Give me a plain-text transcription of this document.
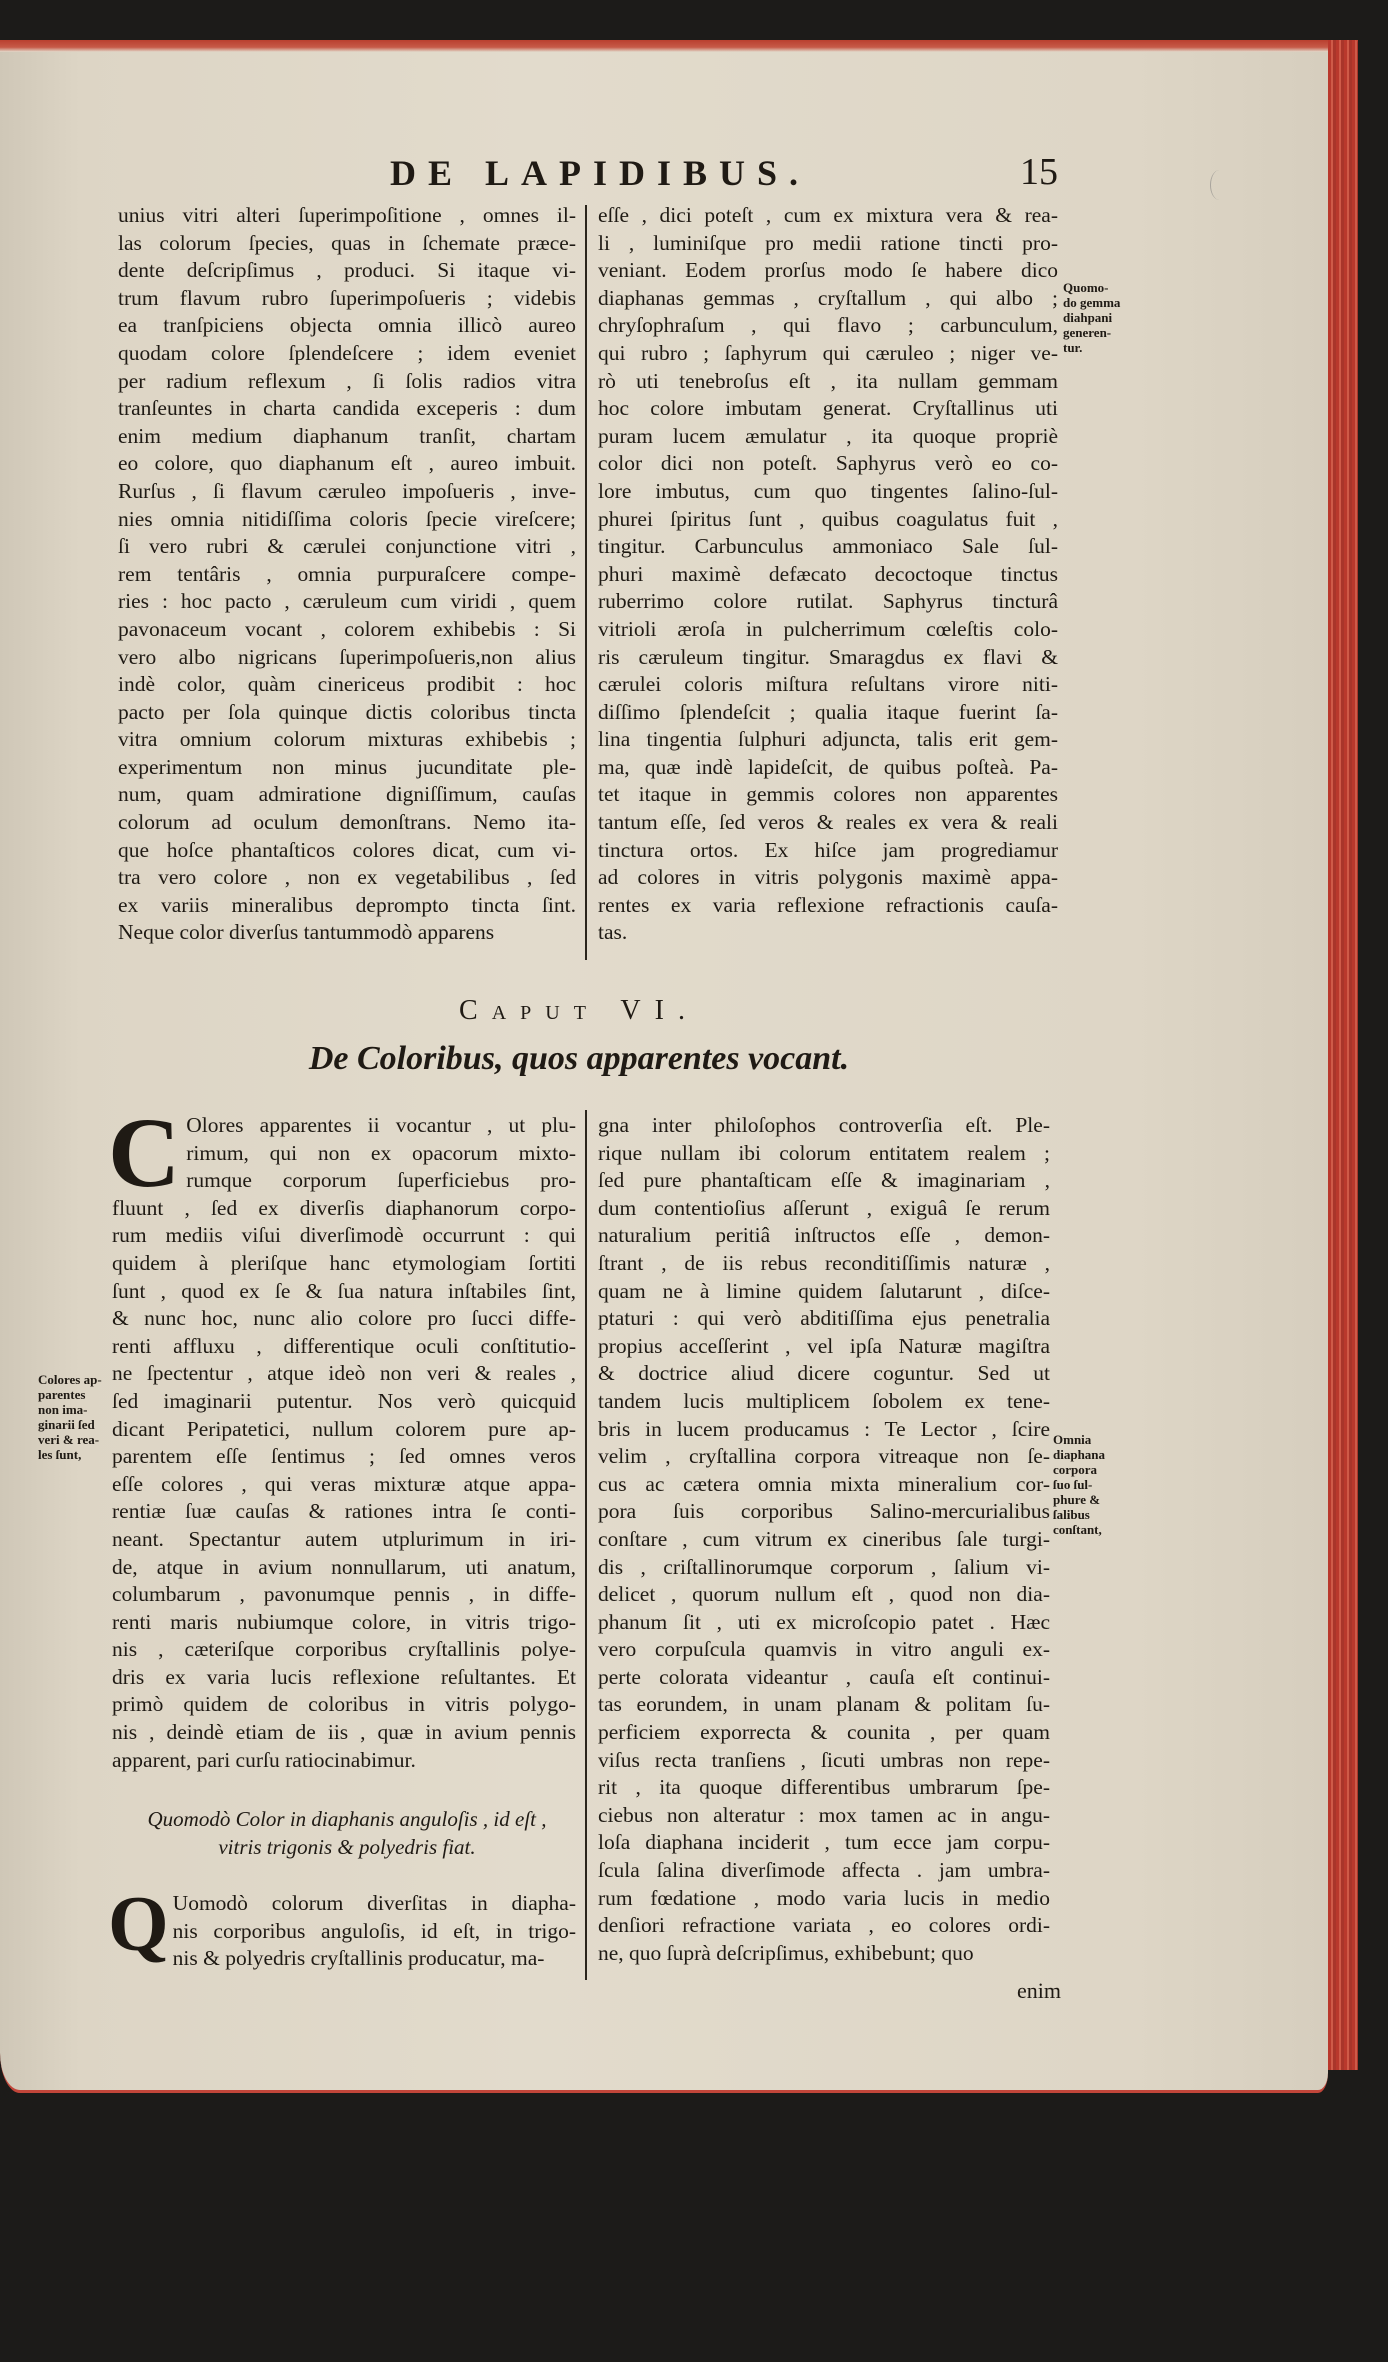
DE LAPIDIBUS.	15
unius vitri alteri ſuperimpoſitione , omnes il-
las colorum ſpecies, quas in ſchemate præce-
dente deſcripſimus , produci. Si itaque vi-
trum flavum rubro ſuperimpoſueris ; videbis
ea tranſpiciens objecta omnia illicò aureo
quodam colore ſplendeſcere ; idem eveniet
per radium reflexum , ſi ſolis radios vitra
tranſeuntes in charta candida exceperis : dum
enim medium diaphanum tranſit, chartam
eo colore, quo diaphanum eſt , aureo imbuit.
Rurſus , ſi flavum cæruleo impoſueris , inve-
nies omnia nitidiſſima coloris ſpecie vireſcere;
ſi vero rubri & cærulei conjunctione vitri ,
rem tentâris , omnia purpuraſcere compe-
ries : hoc pacto , cæruleum cum viridi , quem
pavonaceum vocant , colorem exhibebis : Si
vero albo nigricans ſuperimpoſueris,non alius
indè color, quàm cinericeus prodibit : hoc
pacto per ſola quinque dictis coloribus tincta
vitra omnium colorum mixturas exhibebis ;
experimentum non minus jucunditate ple-
num, quam admiratione digniſſimum, cauſas
colorum ad oculum demonſtrans. Nemo ita-
que hoſce phantaſticos colores dicat, cum vi-
tra vero colore , non ex vegetabilibus , ſed
ex variis mineralibus deprompto tincta ſint.
Neque color diverſus tantummodò apparens
eſſe , dici poteſt , cum ex mixtura vera & rea-
li , luminiſque pro medii ratione tincti pro-
veniant. Eodem prorſus modo ſe habere dico
diaphanas gemmas , cryſtallum , qui albo ;
chryſophraſum , qui flavo ; carbunculum,
qui rubro ; ſaphyrum qui cæruleo ; niger ve-
rò uti tenebroſus eſt , ita nullam gemmam
hoc colore imbutam generat. Cryſtallinus uti
puram lucem æmulatur , ita quoque propriè
color dici non poteſt. Saphyrus verò eo co-
lore imbutus, cum quo tingentes ſalino-ſul-
phurei ſpiritus ſunt , quibus coagulatus fuit ,
tingitur. Carbunculus ammoniaco Sale ſul-
phuri maximè defæcato decoctoque tinctus
ruberrimo colore rutilat. Saphyrus tincturâ
vitrioli æroſa in pulcherrimum cœleſtis colo-
ris cæruleum tingitur. Smaragdus ex flavi &
cærulei coloris miſtura reſultans virore niti-
diſſimo ſplendeſcit ; qualia itaque fuerint ſa-
lina tingentia ſulphuri adjuncta, talis erit gem-
ma, quæ indè lapideſcit, de quibus poſteà. Pa-
tet itaque in gemmis colores non apparentes
tantum eſſe, ſed veros & reales ex vera & reali
tinctura ortos. Ex hiſce jam progrediamur
ad colores in vitris polygonis maximè appa-
rentes ex varia reflexione refractionis cauſa-
tas.
Quomo-
do gemma
diahpani
generen-
tur.
Caput VI.
De Coloribus, quos apparentes vocant.
C Olores apparentes ii vocantur , ut plu-
rimum, qui non ex opacorum mixto-
rumque corporum ſuperficiebus pro-
fluunt , ſed ex diverſis diaphanorum corpo-
rum mediis viſui diverſimodè occurrunt : qui
quidem à pleriſque hanc etymologiam ſortiti
ſunt , quod ex ſe & ſua natura inſtabiles ſint,
& nunc hoc, nunc alio colore pro ſucci diffe-
renti affluxu , differentique oculi conſtitutio-
ne ſpectentur , atque ideò non veri & reales ,
ſed imaginarii putentur. Nos verò quicquid
dicant Peripatetici, nullum colorem pure ap-
parentem eſſe ſentimus ; ſed omnes veros
eſſe colores , qui veras mixturæ atque appa-
rentiæ ſuæ cauſas & rationes intra ſe conti-
neant. Spectantur autem utplurimum in iri-
de, atque in avium nonnullarum, uti anatum,
columbarum , pavonumque pennis , in diffe-
renti maris nubiumque colore, in vitris trigo-
nis , cæteriſque corporibus cryſtallinis polye-
dris ex varia lucis reflexione reſultantes. Et
primò quidem de coloribus in vitris polygo-
nis , deindè etiam de iis , quæ in avium pennis
apparent, pari curſu ratiocinabimur.
Colores ap-
parentes
non ima-
ginarii ſed
veri & rea-
les ſunt,
Quomodò Color in diaphanis anguloſis , id eſt ,
vitris trigonis & polyedris fiat.
Q Uomodò colorum diverſitas in diapha-
nis corporibus anguloſis, id eſt, in trigo-
nis & polyedris cryſtallinis producatur, ma-
gna inter philoſophos controverſia eſt. Ple-
rique nullam ibi colorum entitatem realem ;
ſed pure phantaſticam eſſe & imaginariam ,
dum contentioſius aſſerunt , exiguâ ſe rerum
naturalium peritiâ inſtructos eſſe , demon-
ſtrant , de iis rebus reconditiſſimis naturæ ,
quam ne à limine quidem ſalutarunt , diſce-
ptaturi : qui verò abditiſſima ejus penetralia
propius acceſſerint , vel ipſa Naturæ magiſtra
& doctrice aliud dicere coguntur. Sed ut
tandem lucis multiplicem ſobolem ex tene-
bris in lucem producamus : Te Lector , ſcire
velim , cryſtallina corpora vitreaque non ſe-
cus ac cætera omnia mixta mineralium cor-
pora ſuis corporibus Salino-mercurialibus
conſtare , cum vitrum ex cineribus ſale turgi-
dis , criſtallinorumque corporum , ſalium vi-
delicet , quorum nullum eſt , quod non dia-
phanum ſit , uti ex microſcopio patet . Hæc
vero corpuſcula quamvis in vitro anguli ex-
perte colorata videantur , cauſa eſt continui-
tas eorundem, in unam planam & politam ſu-
perficiem exporrecta & counita , per quam
viſus recta tranſiens , ſicuti umbras non repe-
rit , ita quoque differentibus umbrarum ſpe-
ciebus non alteratur : mox tamen ac in angu-
loſa diaphana inciderit , tum ecce jam corpu-
ſcula ſalina diverſimode affecta . jam umbra-
rum fœdatione , modo varia lucis in medio
denſiori refractione variata , eo colores ordi-
ne, quo ſuprà deſcripſimus, exhibebunt; quo
Omnia
diaphana
corpora
ſuo ſul-
phure &
ſalibus
conſtant,
enim
